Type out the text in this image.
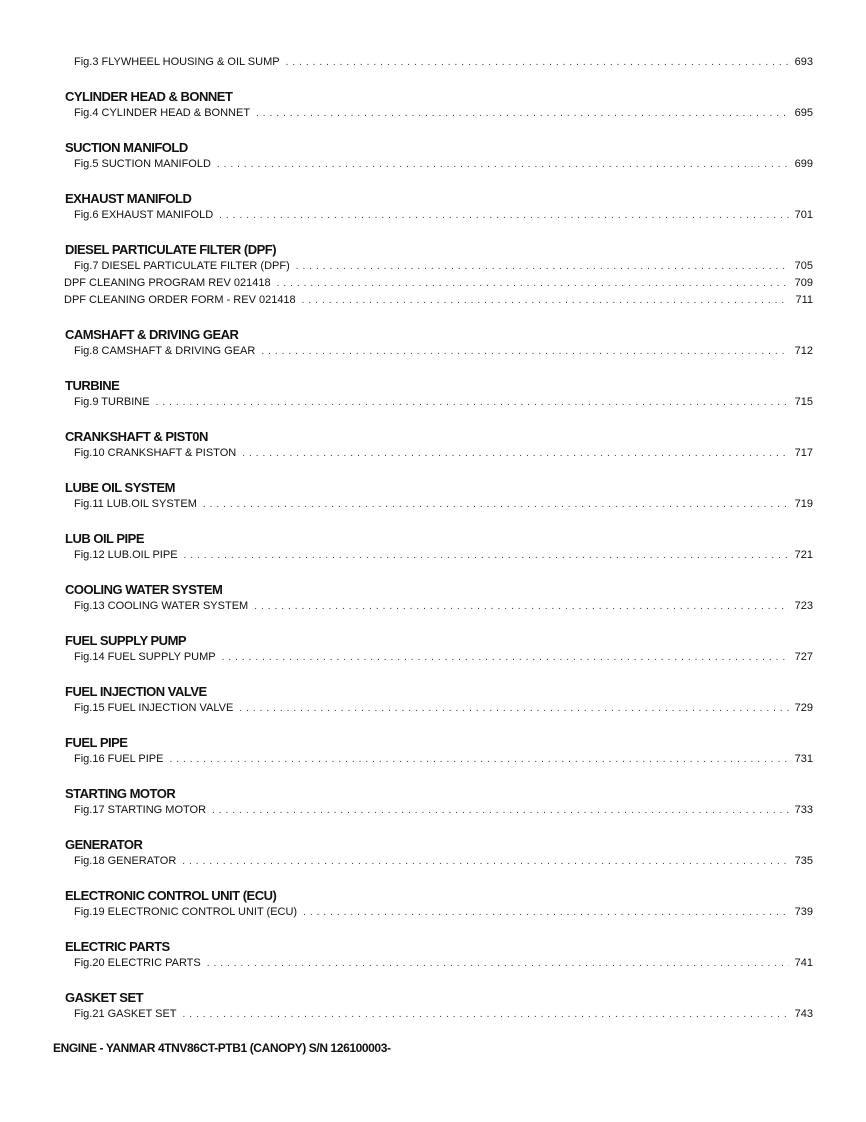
Fig.3 FLYWHEEL HOUSING & OIL SUMP . . .	693
CYLINDER HEAD & BONNET
Fig.4 CYLINDER HEAD & BONNET . . .	695
SUCTION MANIFOLD
Fig.5 SUCTION MANIFOLD . . .	699
EXHAUST MANIFOLD
Fig.6 EXHAUST MANIFOLD . . .	701
DIESEL PARTICULATE FILTER (DPF)
Fig.7 DIESEL PARTICULATE FILTER (DPF) . . .	705
DPF CLEANING PROGRAM REV 021418 . . .	709
DPF CLEANING ORDER FORM - REV 021418 . . .	711
CAMSHAFT & DRIVING GEAR
Fig.8 CAMSHAFT & DRIVING GEAR . . .	712
TURBINE
Fig.9 TURBINE . . .	715
CRANKSHAFT & PIST0N
Fig.10 CRANKSHAFT & PISTON . . .	717
LUBE OIL SYSTEM
Fig.11 LUB.OIL SYSTEM . . .	719
LUB OIL PIPE
Fig.12 LUB.OIL PIPE . . .	721
COOLING WATER SYSTEM
Fig.13 COOLING WATER SYSTEM . . .	723
FUEL SUPPLY PUMP
Fig.14 FUEL SUPPLY PUMP . . .	727
FUEL INJECTION VALVE
Fig.15 FUEL INJECTION VALVE . . .	729
FUEL PIPE
Fig.16 FUEL PIPE . . .	731
STARTING MOTOR
Fig.17 STARTING MOTOR . . .	733
GENERATOR
Fig.18 GENERATOR . . .	735
ELECTRONIC CONTROL UNIT (ECU)
Fig.19 ELECTRONIC CONTROL UNIT (ECU) . . .	739
ELECTRIC PARTS
Fig.20 ELECTRIC PARTS . . .	741
GASKET SET
Fig.21 GASKET SET . . .	743
ENGINE - YANMAR 4TNV86CT-PTB1 (CANOPY) S/N 126100003-
